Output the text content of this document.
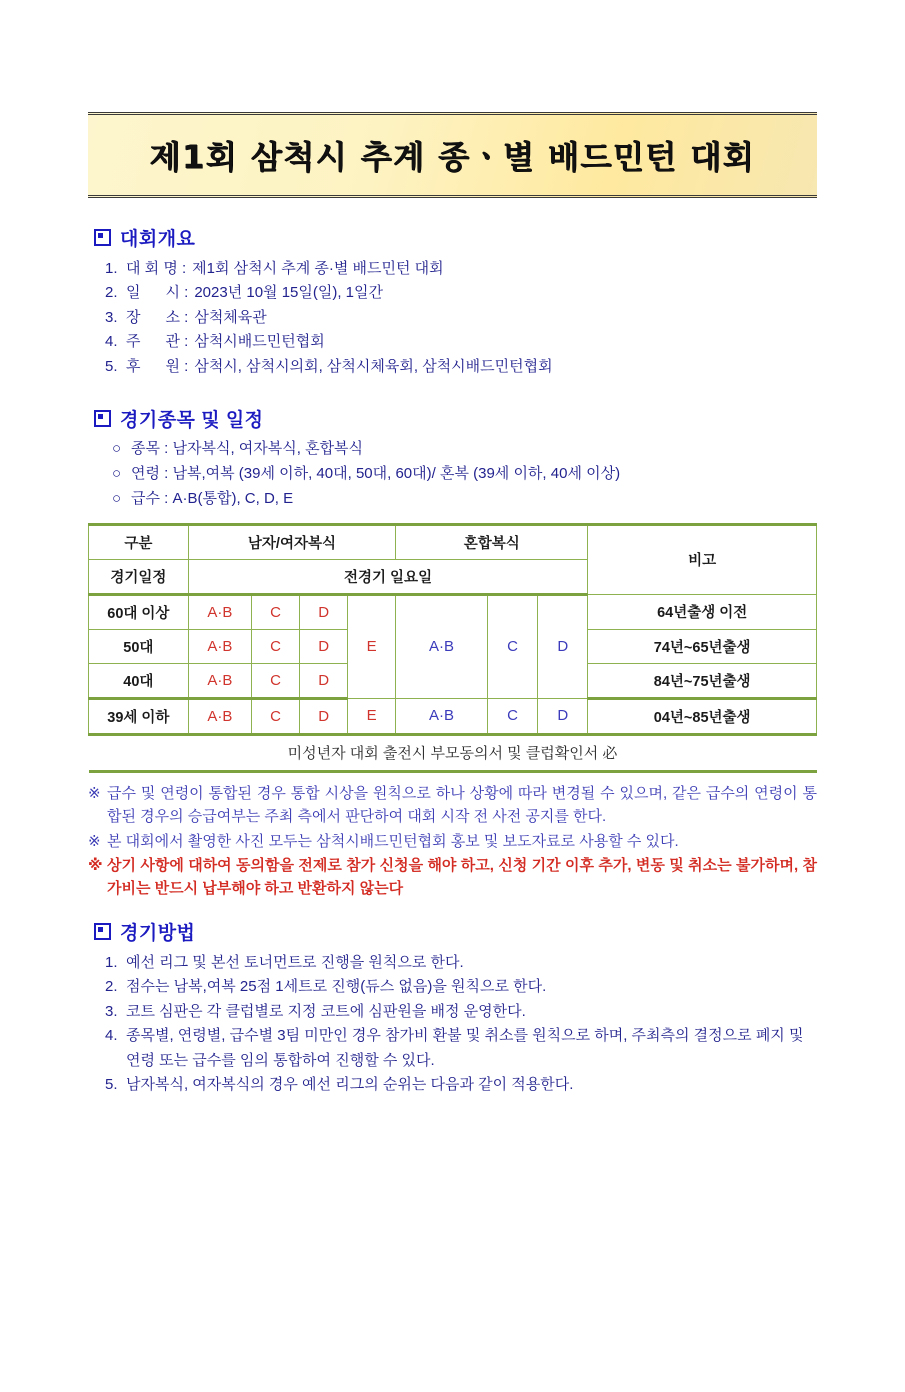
제1회 삼척시 추계 종ㆍ별 배드민턴 대회
대회개요
1. 대 회 명 : 제1회 삼척시 추계 종·별 배드민턴 대회
2. 일      시 : 2023년 10월 15일(일), 1일간
3. 장      소 : 삼척체육관
4. 주      관 : 삼척시배드민턴협회
5. 후      원 : 삼척시, 삼척시의회, 삼척시체육회, 삼척시배드민턴협회
경기종목 및 일정
○ 종목 : 남자복식, 여자복식, 혼합복식
○ 연령 : 남복,여복 (39세 이하, 40대, 50대, 60대)/ 혼복 (39세 이하, 40세 이상)
○ 급수 : A·B(통합), C, D, E
구분	남자/여자복식				혼합복식			비고
경기일정	전경기 일요일							
60대 이상	A·B	C	D	E	A·B	C	D	64년출생 이전
50대	A·B	C	D					74년~65년출생
40대	A·B	C	D					84년~75년출생
39세 이하	A·B	C	D	E	A·B	C	D	04년~85년출생
미성년자 대회 출전시 부모동의서 및 클럽확인서 必								
※ 급수 및 연령이 통합된 경우 통합 시상을 원칙으로 하나 상황에 따라 변경될 수 있으며, 같은 급수의 연령이 통합된 경우의 승급여부는 주최 측에서 판단하여 대회 시작 전 사전 공지를 한다.
※ 본 대회에서 촬영한 사진 모두는 삼척시배드민턴협회 홍보 및 보도자료로 사용할 수 있다.
※ 상기 사항에 대하여 동의함을 전제로 참가 신청을 해야 하고, 신청 기간 이후 추가, 변동 및 취소는 불가하며, 참가비는 반드시 납부해야 하고 반환하지 않는다
경기방법
1. 예선 리그 및 본선 토너먼트로 진행을 원칙으로 한다.
2. 점수는 남복,여복 25점 1세트로 진행(듀스 없음)을 원칙으로 한다.
3. 코트 심판은 각 클럽별로 지정 코트에 심판원을 배정 운영한다.
4. 종목별, 연령별, 급수별 3팀 미만인 경우 참가비 환불 및 취소를 원칙으로 하며, 주최측의 결정으로 폐지 및 연령 또는 급수를 임의 통합하여 진행할 수 있다.
5. 남자복식, 여자복식의 경우 예선 리그의 순위는 다음과 같이 적용한다.
